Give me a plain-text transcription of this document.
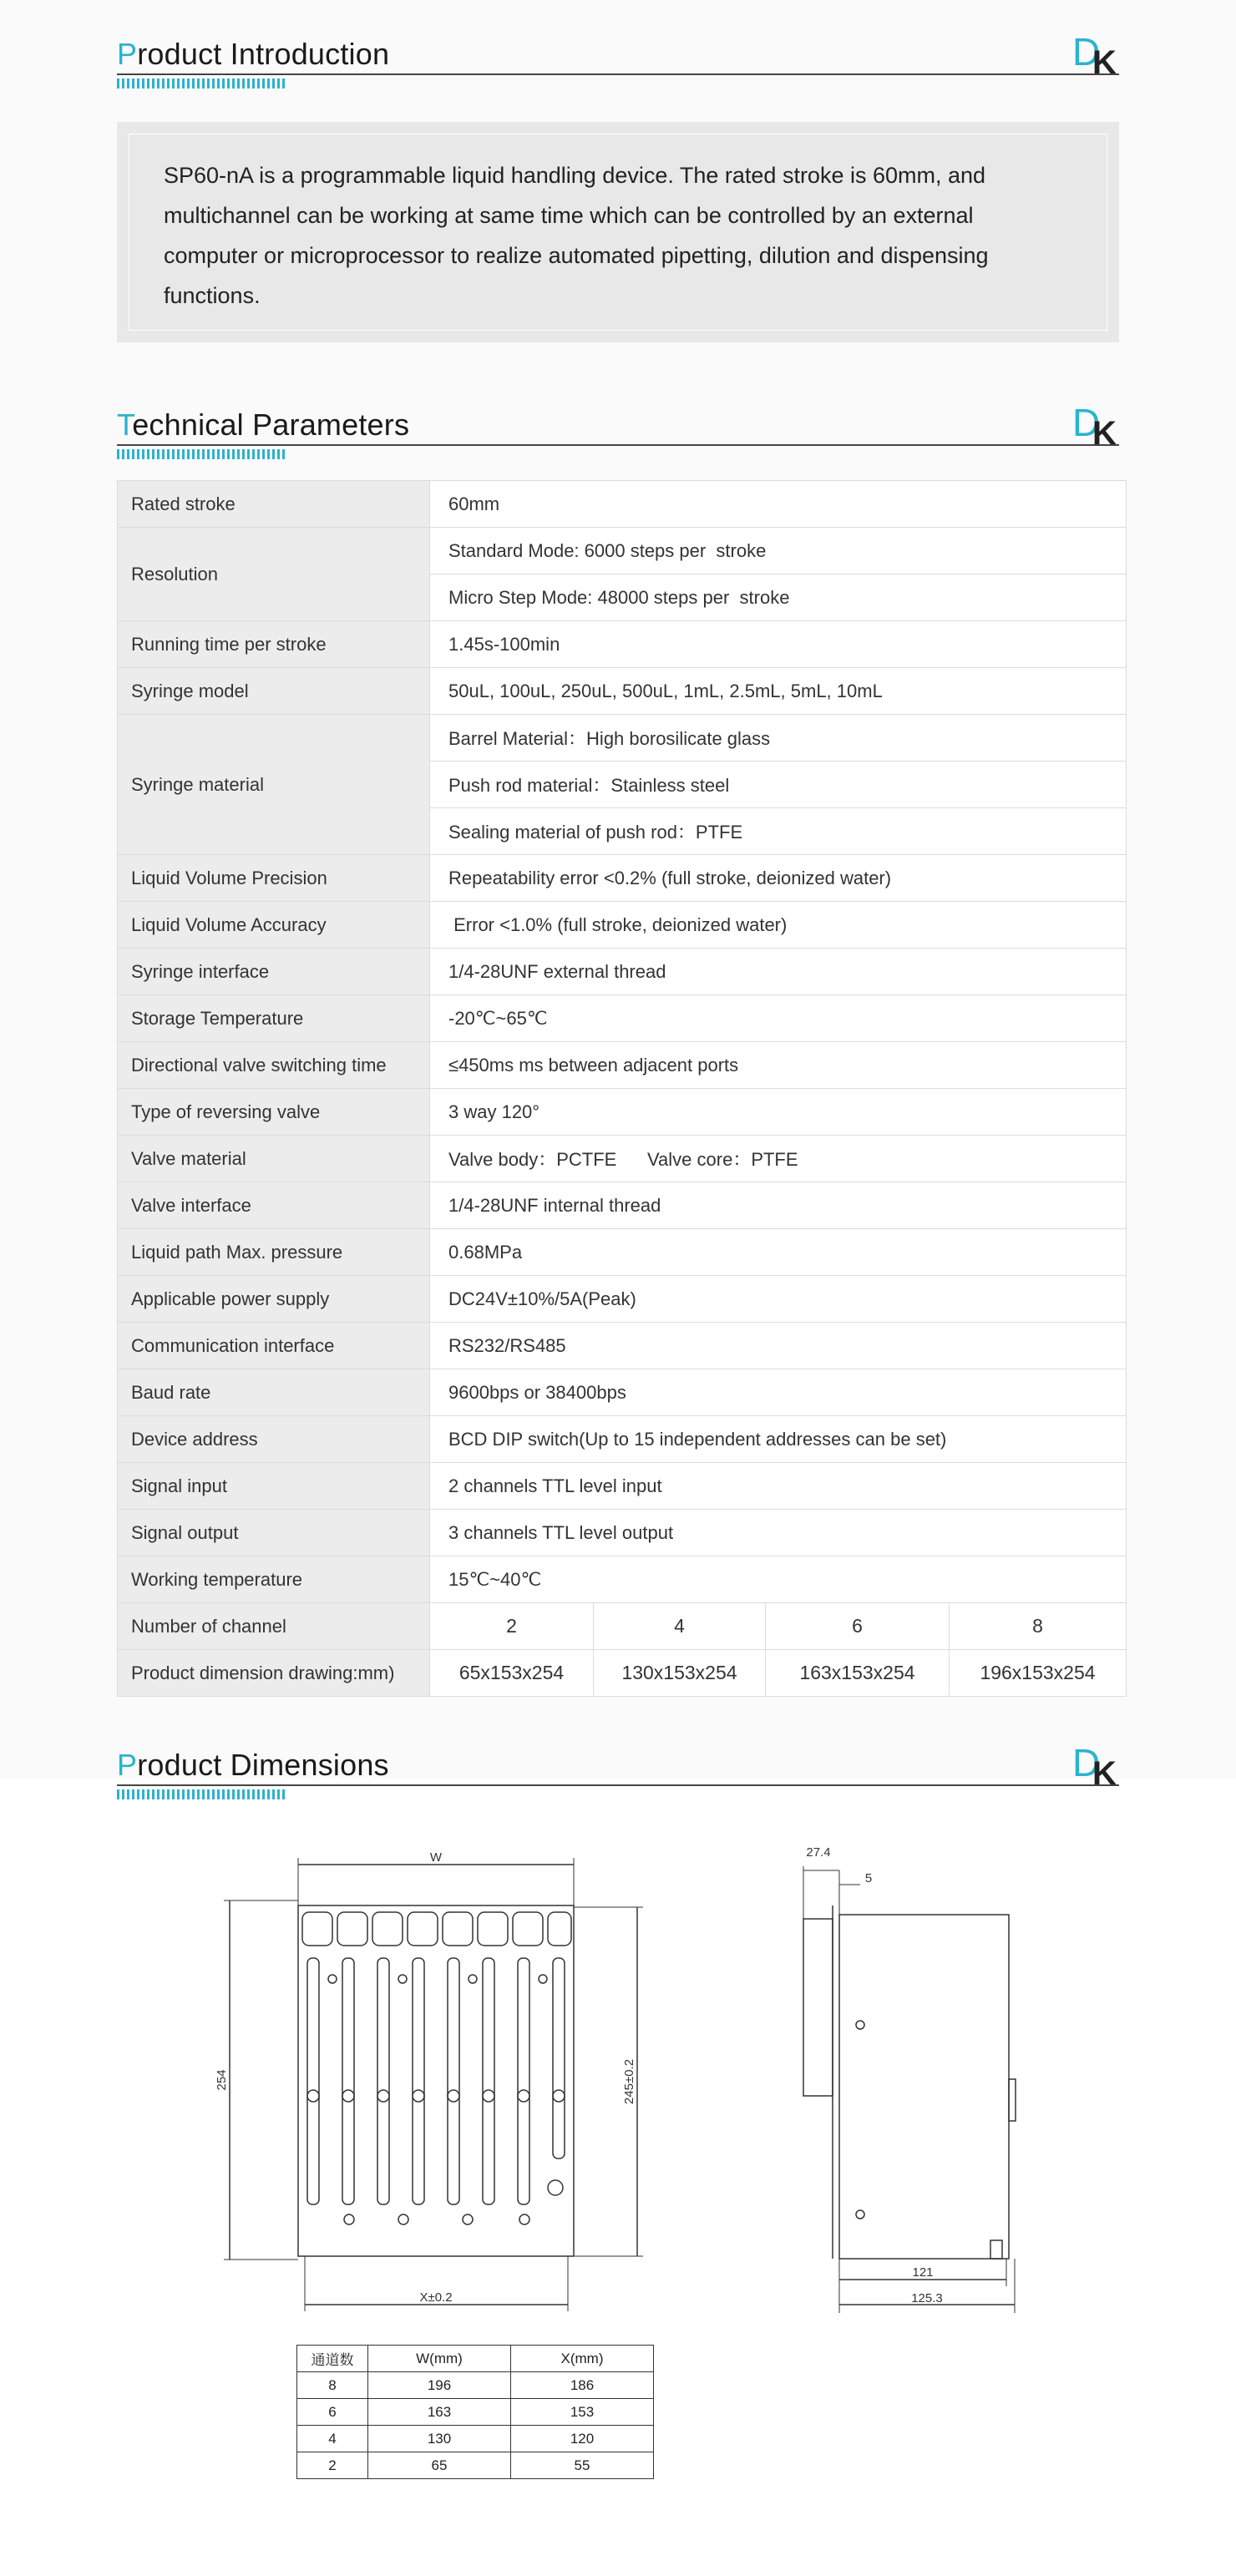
Product Introduction	D
K
SP60-nA is a programmable liquid handling device. The rated stroke is 60mm, and multichannel can be working at same time which can be controlled by an external computer or microprocessor to realize automated pipetting, dilution and dispensing functions.
Technical Parameters	D
K
Rated stroke	60mm			
Resolution	Standard Mode: 6000 steps per  stroke			
	Micro Step Mode: 48000 steps per  stroke			
Running time per stroke	1.45s-100min			
Syringe model	50uL, 100uL, 250uL, 500uL, 1mL, 2.5mL, 5mL, 10mL			
Syringe material	Barrel Material：High borosilicate glass			
	Push rod material：Stainless steel			
	Sealing material of push rod：PTFE			
Liquid Volume Precision	Repeatability error <0.2% (full stroke, deionized water)			
Liquid Volume Accuracy	Error <1.0% (full stroke, deionized water)			
Syringe interface	1/4-28UNF external thread			
Storage Temperature	-20℃~65℃			
Directional valve switching time	≤450ms ms between adjacent ports			
Type of reversing valve	3 way 120°			
Valve material	Valve body：PCTFE      Valve core：PTFE			
Valve interface	1/4-28UNF internal thread			
Liquid path Max. pressure	0.68MPa			
Applicable power supply	DC24V±10%/5A(Peak)			
Communication interface	RS232/RS485			
Baud rate	9600bps or 38400bps			
Device address	BCD DIP switch(Up to 15 independent addresses can be set)			
Signal input	2 channels TTL level input			
Signal output	3 channels TTL level output			
Working temperature	15℃~40℃			
Number of channel	2	4	6	8
Product dimension drawing:mm)	65x153x254	130x153x254	163x153x254	196x153x254
Product Dimensions	D
K
W
254	245±0.2
X±0.2
27.4
5
121
125.3
通道数	W(mm)	X(mm)
8	196	186
6	163	153
4	130	120
2	65	55
